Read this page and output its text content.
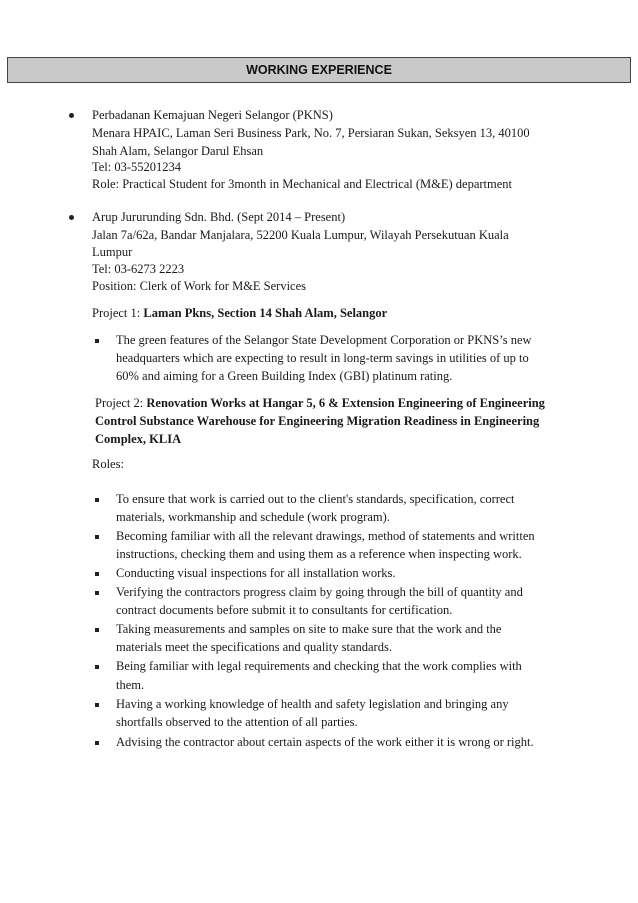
WORKING EXPERIENCE
Perbadanan Kemajuan Negeri Selangor (PKNS)
Menara HPAIC, Laman Seri Business Park, No. 7, Persiaran Sukan, Seksyen 13, 40100
Shah Alam, Selangor Darul Ehsan
Tel: 03-55201234
Role: Practical Student for 3month in Mechanical and Electrical (M&E) department
Arup Jururunding Sdn. Bhd. (Sept 2014 – Present)
Jalan 7a/62a, Bandar Manjalara, 52200 Kuala Lumpur, Wilayah Persekutuan Kuala
Lumpur
Tel: 03-6273 2223
Position: Clerk of Work for M&E Services
Project 1: Laman Pkns, Section 14 Shah Alam, Selangor
The green features of the Selangor State Development Corporation or PKNS’s new
headquarters which are expecting to result in long-term savings in utilities of up to
60% and aiming for a Green Building Index (GBI) platinum rating.
Project 2: Renovation Works at Hangar 5, 6 & Extension Engineering of Engineering
Control Substance Warehouse for Engineering Migration Readiness in Engineering
Complex, KLIA
Roles:
To ensure that work is carried out to the client's standards, specification, correct
materials, workmanship and schedule (work program).
Becoming familiar with all the relevant drawings, method of statements and written
instructions, checking them and using them as a reference when inspecting work.
Conducting visual inspections for all installation works.
Verifying the contractors progress claim by going through the bill of quantity and
contract documents before submit it to consultants for certification.
Taking measurements and samples on site to make sure that the work and the
materials meet the specifications and quality standards.
Being familiar with legal requirements and checking that the work complies with
them.
Having a working knowledge of health and safety legislation and bringing any
shortfalls observed to the attention of all parties.
Advising the contractor about certain aspects of the work either it is wrong or right.
